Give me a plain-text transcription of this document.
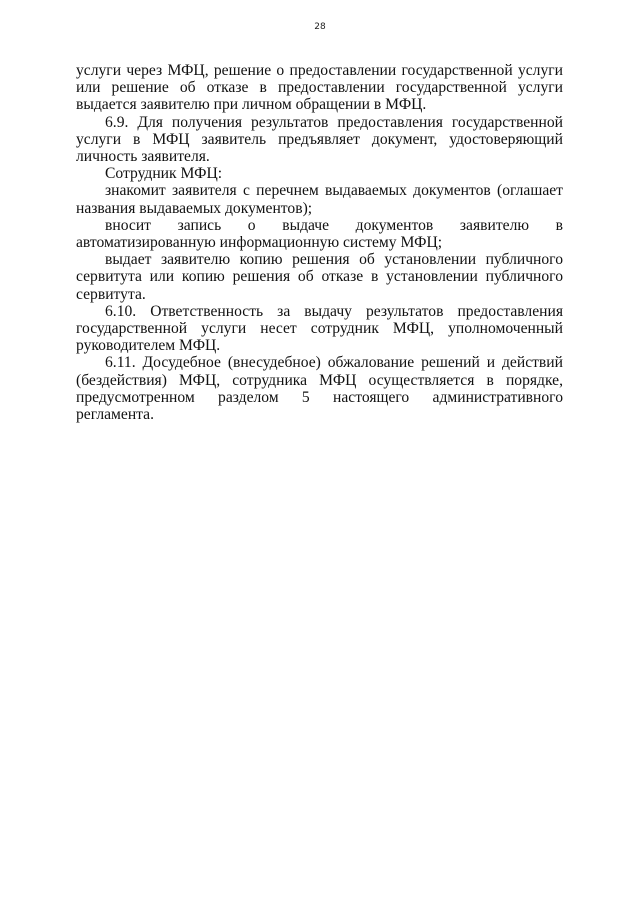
28

услуги через МФЦ, решение о предоставлении государственной услуги или решение об отказе в предоставлении государственной услуги выдается заявителю при личном обращении в МФЦ.

6.9. Для получения результатов предоставления государственной услуги в МФЦ заявитель предъявляет документ, удостоверяющий личность заявителя.

Сотрудник МФЦ:

знакомит заявителя с перечнем выдаваемых документов (оглашает названия выдаваемых документов);

вносит запись о выдаче документов заявителю в автоматизированную информационную систему МФЦ;

выдает заявителю копию решения об установлении публичного сервитута или копию решения об отказе в установлении публичного сервитута.

6.10. Ответственность за выдачу результатов предоставления государственной услуги несет сотрудник МФЦ, уполномоченный руководителем МФЦ.

6.11. Досудебное (внесудебное) обжалование решений и действий (бездействия) МФЦ, сотрудника МФЦ осуществляется в порядке, предусмотренном разделом 5 настоящего административного регламента.
